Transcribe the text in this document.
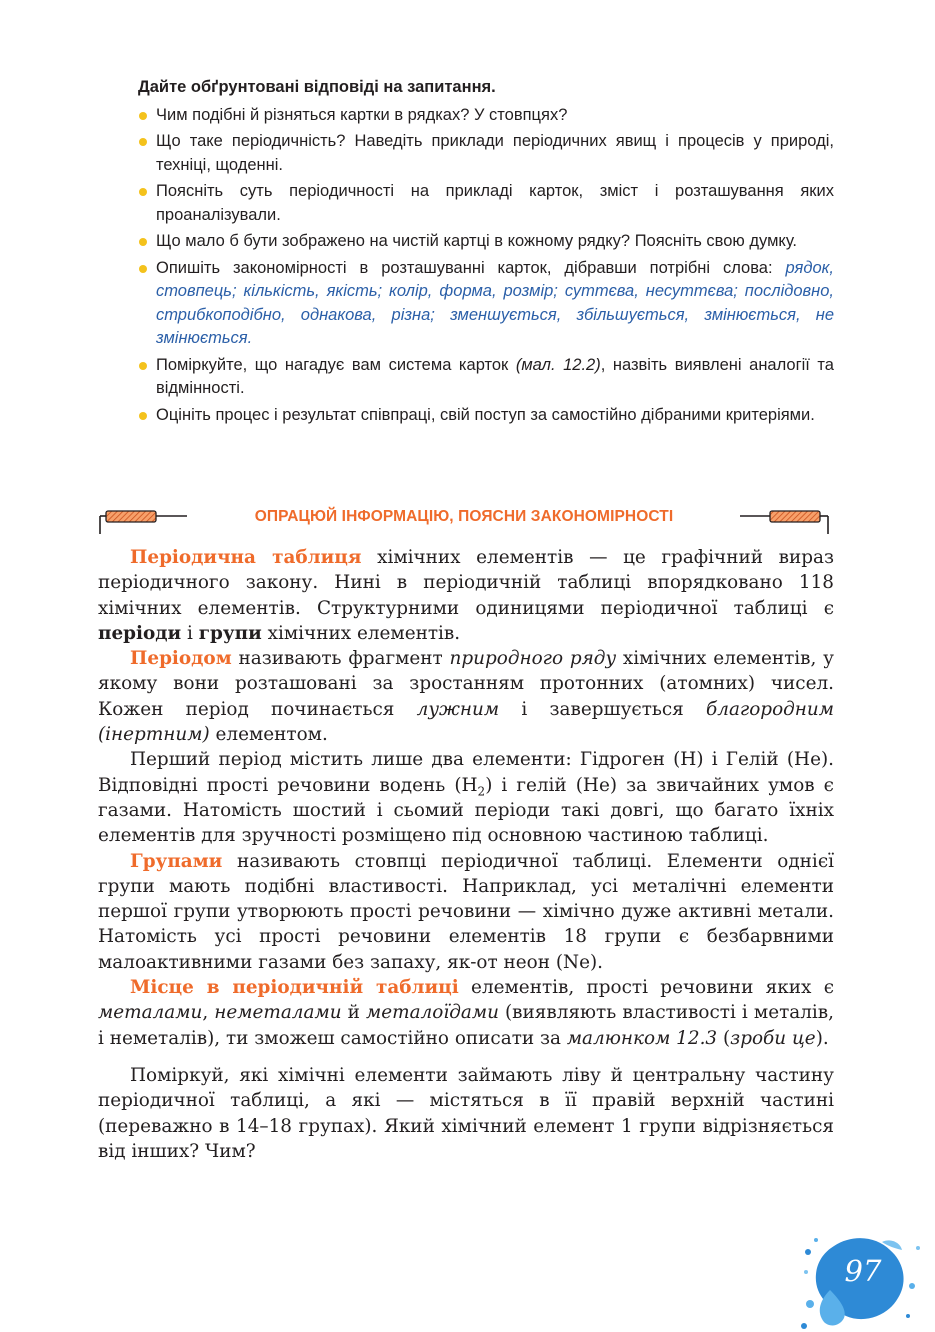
Дайте обґрунтовані відповіді на запитання.
Чим подібні й різняться картки в рядках? У стовпцях?
Що таке періодичність? Наведіть приклади періодичних явищ і процесів у природі, техніці, щоденні.
Поясніть суть періодичності на прикладі карток, зміст і розташування яких проаналізували.
Що мало б бути зображено на чистій картці в кожному рядку? Поясніть свою думку.
Опишіть закономірності в розташуванні карток, дібравши потрібні слова: рядок, стовпець; кількість, якість; колір, форма, розмір; суттєва, несуттєва; послідовно, стрибкоподібно, однакова, різна; зменшується, збільшується, змінюється, не змінюється.
Поміркуйте, що нагадує вам система карток (мал. 12.2), назвіть виявлені аналогії та відмінності.
Оцініть процес і результат співпраці, свій поступ за самостійно дібраними критеріями.
ОПРАЦЮЙ ІНФОРМАЦІЮ, ПОЯСНИ ЗАКОНОМІРНОСТІ

Періодична таблиця хімічних елементів — це графічний вираз періодичного закону. Нині в періодичній таблиці впорядковано 118 хімічних елементів. Структурними одиницями періодичної таблиці є періоди і групи хімічних елементів.

Періодом називають фрагмент природного ряду хімічних елементів, у якому вони розташовані за зростанням протонних (атомних) чисел. Кожен період починається лужним і завершується благородним (інертним) елементом.

Перший період містить лише два елементи: Гідроген (H) і Гелій (He). Відповідні прості речовини водень $(H_2)$ і гелій (He) за звичайних умов є газами. Натомість шостий і сьомий періоди такі довгі, що багато їхніх елементів для зручності розміщено під основною частиною таблиці.

Групами називають стовпці періодичної таблиці. Елементи однієї групи мають подібні властивості. Наприклад, усі металічні елементи першої групи утворюють прості речовини — хімічно дуже активні метали. Натомість усі прості речовини елементів 18 групи є безбарвними малоактивними газами без запаху, як-от неон (Ne).

Місце в періодичній таблиці елементів, прості речовини яких є металами, неметалами й металоїдами (виявляють властивості і металів, і неметалів), ти зможеш самостійно описати за малюнком 12.3 (зроби це).

Поміркуй, які хімічні елементи займають ліву й центральну частину періодичної таблиці, а які — містяться в її правій верхній частині (переважно в 14–18 групах). Який хімічний елемент 1 групи відрізняється від інших? Чим?

97
